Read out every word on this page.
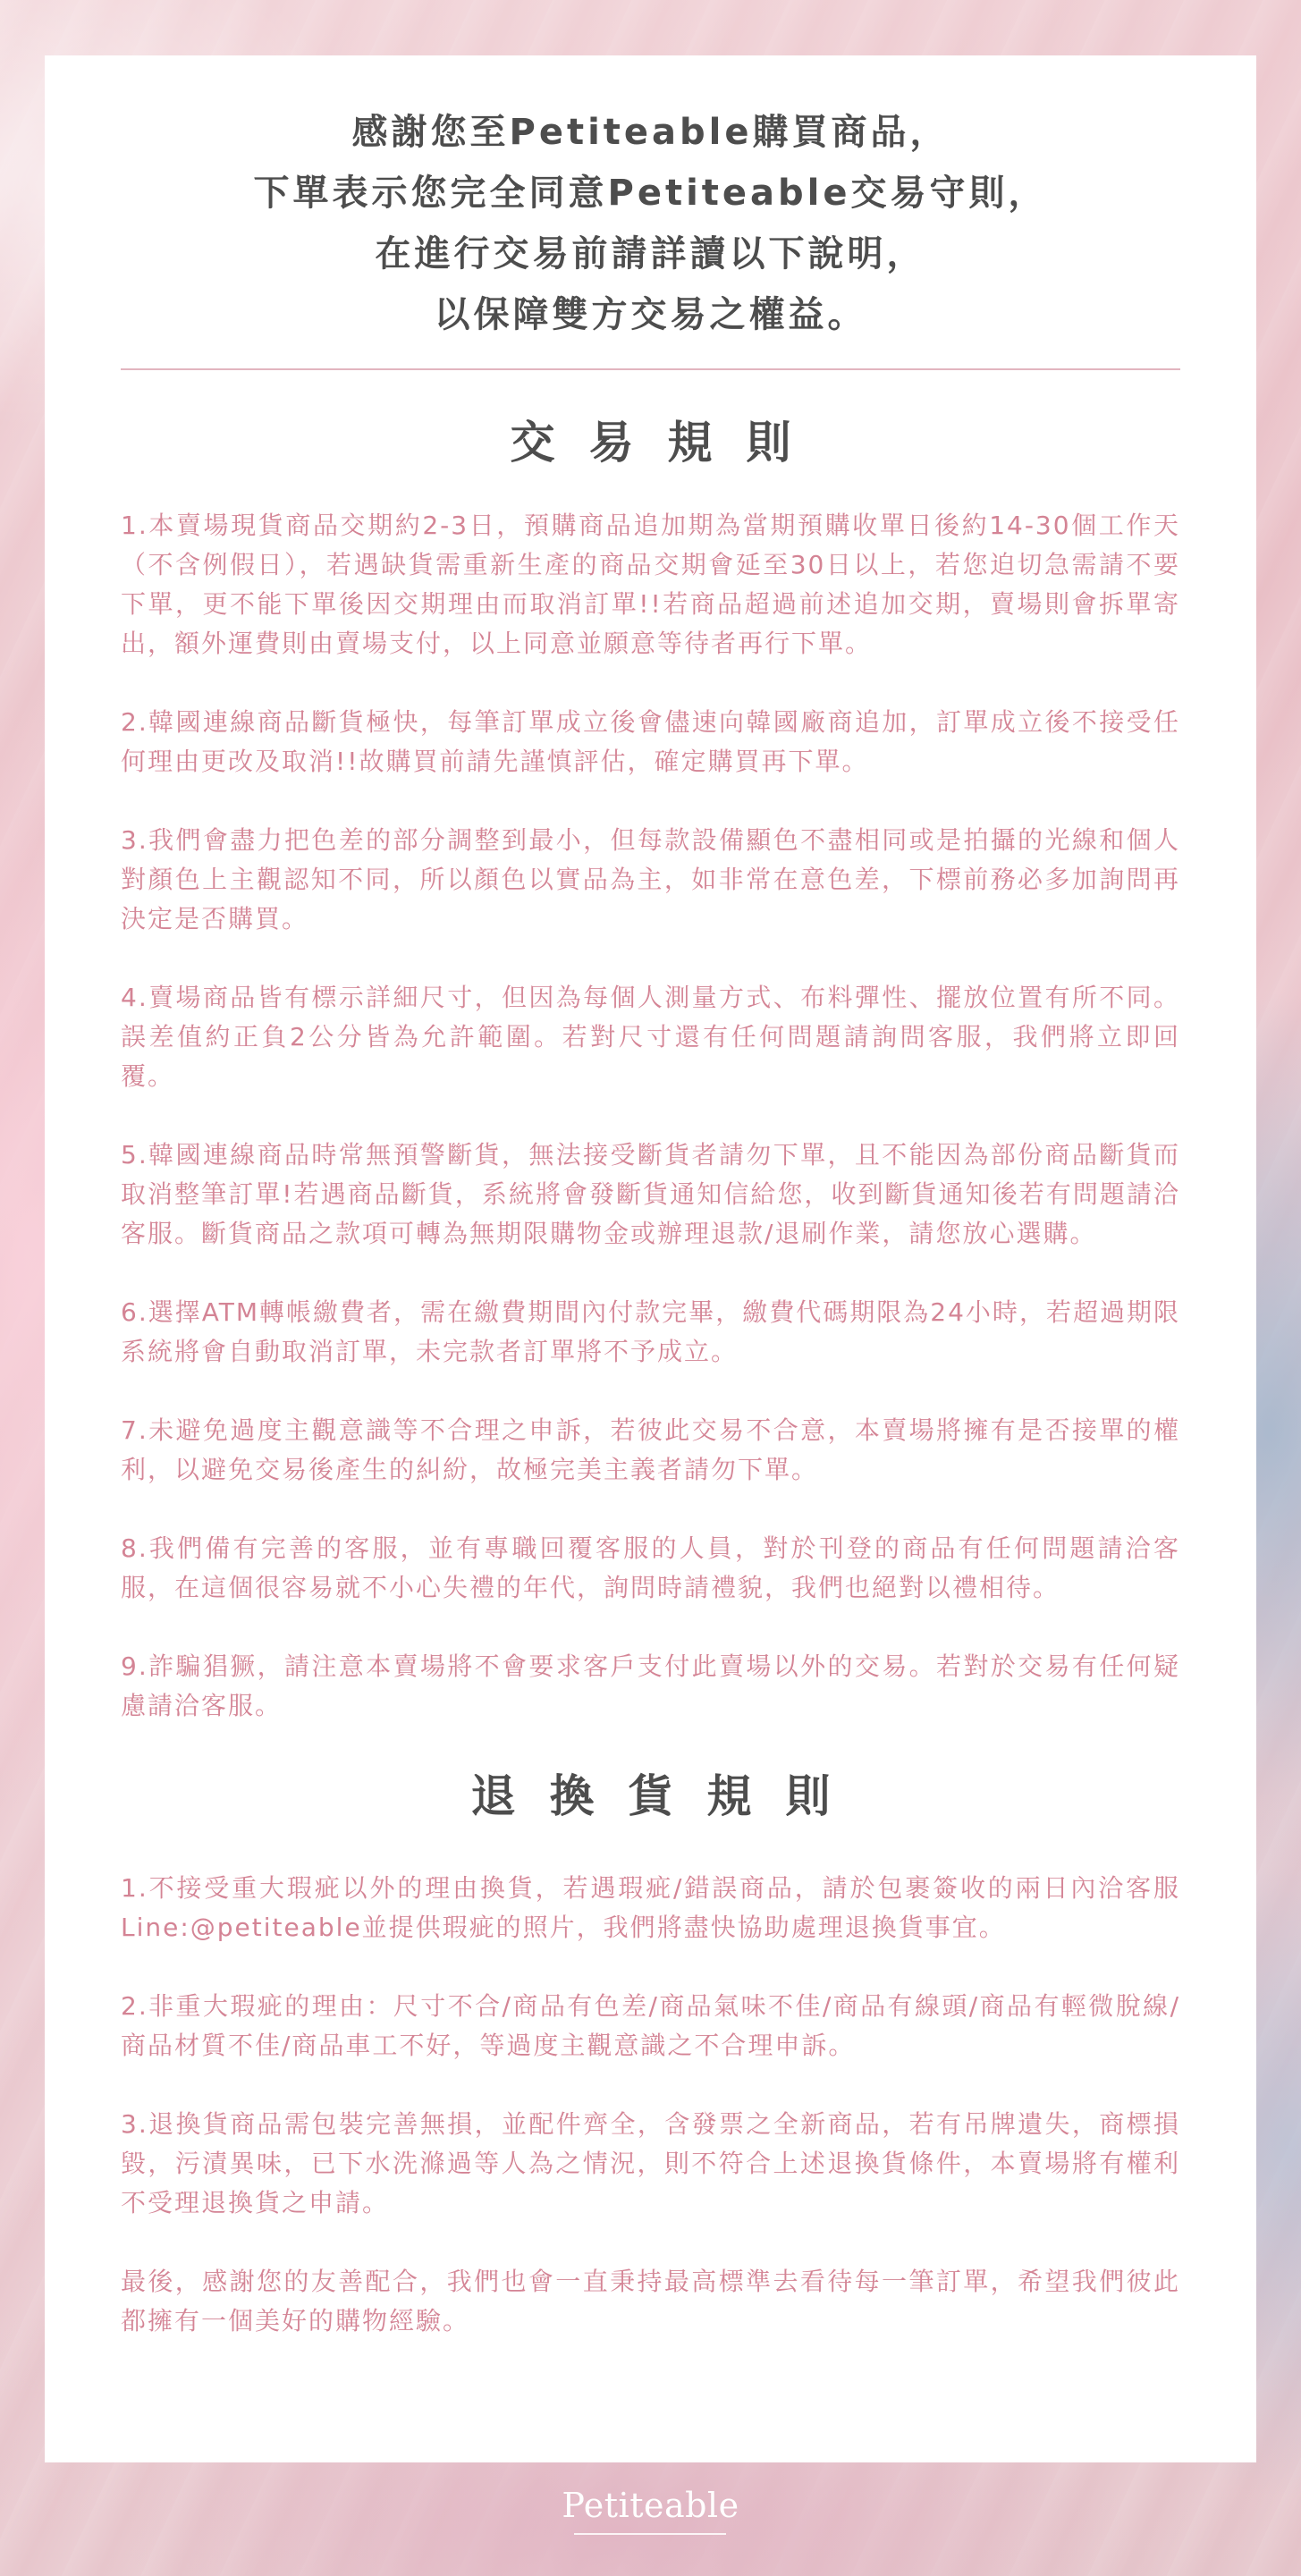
感謝您至Petiteable購買商品，
下單表示您完全同意Petiteable交易守則，
在進行交易前請詳讀以下說明，
以保障雙方交易之權益。
交易規則

1.本賣場現貨商品交期約2-3日，預購商品追加期為當期預購收單日後約14-30個工作天（不含例假日），若遇缺貨需重新生產的商品交期會延至30日以上，若您迫切急需請不要下單，更不能下單後因交期理由而取消訂單!!若商品超過前述追加交期，賣場則會拆單寄出，額外運費則由賣場支付，以上同意並願意等待者再行下單。

2.韓國連線商品斷貨極快，每筆訂單成立後會儘速向韓國廠商追加，訂單成立後不接受任何理由更改及取消!!故購買前請先謹慎評估，確定購買再下單。

3.我們會盡力把色差的部分調整到最小，但每款設備顯色不盡相同或是拍攝的光線和個人對顏色上主觀認知不同，所以顏色以實品為主，如非常在意色差，下標前務必多加詢問再決定是否購買。

4.賣場商品皆有標示詳細尺寸，但因為每個人測量方式、布料彈性、擺放位置有所不同。誤差值約正負2公分皆為允許範圍。若對尺寸還有任何問題請詢問客服，我們將立即回覆。

5.韓國連線商品時常無預警斷貨，無法接受斷貨者請勿下單，且不能因為部份商品斷貨而取消整筆訂單!若遇商品斷貨，系統將會發斷貨通知信給您，收到斷貨通知後若有問題請洽客服。斷貨商品之款項可轉為無期限購物金或辦理退款/退刷作業，請您放心選購。

6.選擇ATM轉帳繳費者，需在繳費期間內付款完畢，繳費代碼期限為24小時，若超過期限系統將會自動取消訂單，未完款者訂單將不予成立。

7.未避免過度主觀意識等不合理之申訴，若彼此交易不合意，本賣場將擁有是否接單的權利，以避免交易後產生的糾紛，故極完美主義者請勿下單。

8.我們備有完善的客服，並有專職回覆客服的人員，對於刊登的商品有任何問題請洽客服，在這個很容易就不小心失禮的年代，詢問時請禮貌，我們也絕對以禮相待。

9.詐騙猖獗，請注意本賣場將不會要求客戶支付此賣場以外的交易。若對於交易有任何疑慮請洽客服。

退換貨規則

1.不接受重大瑕疵以外的理由換貨，若遇瑕疵/錯誤商品，請於包裹簽收的兩日內洽客服Line:@petiteable並提供瑕疵的照片，我們將盡快協助處理退換貨事宜。

2.非重大瑕疵的理由：尺寸不合/商品有色差/商品氣味不佳/商品有線頭/商品有輕微脫線/商品材質不佳/商品車工不好，等過度主觀意識之不合理申訴。

3.退換貨商品需包裝完善無損，並配件齊全，含發票之全新商品，若有吊牌遺失，商標損毀，污漬異味，已下水洗滌過等人為之情況，則不符合上述退換貨條件，本賣場將有權利不受理退換貨之申請。

最後，感謝您的友善配合，我們也會一直秉持最高標準去看待每一筆訂單，希望我們彼此都擁有一個美好的購物經驗。

Petiteable
